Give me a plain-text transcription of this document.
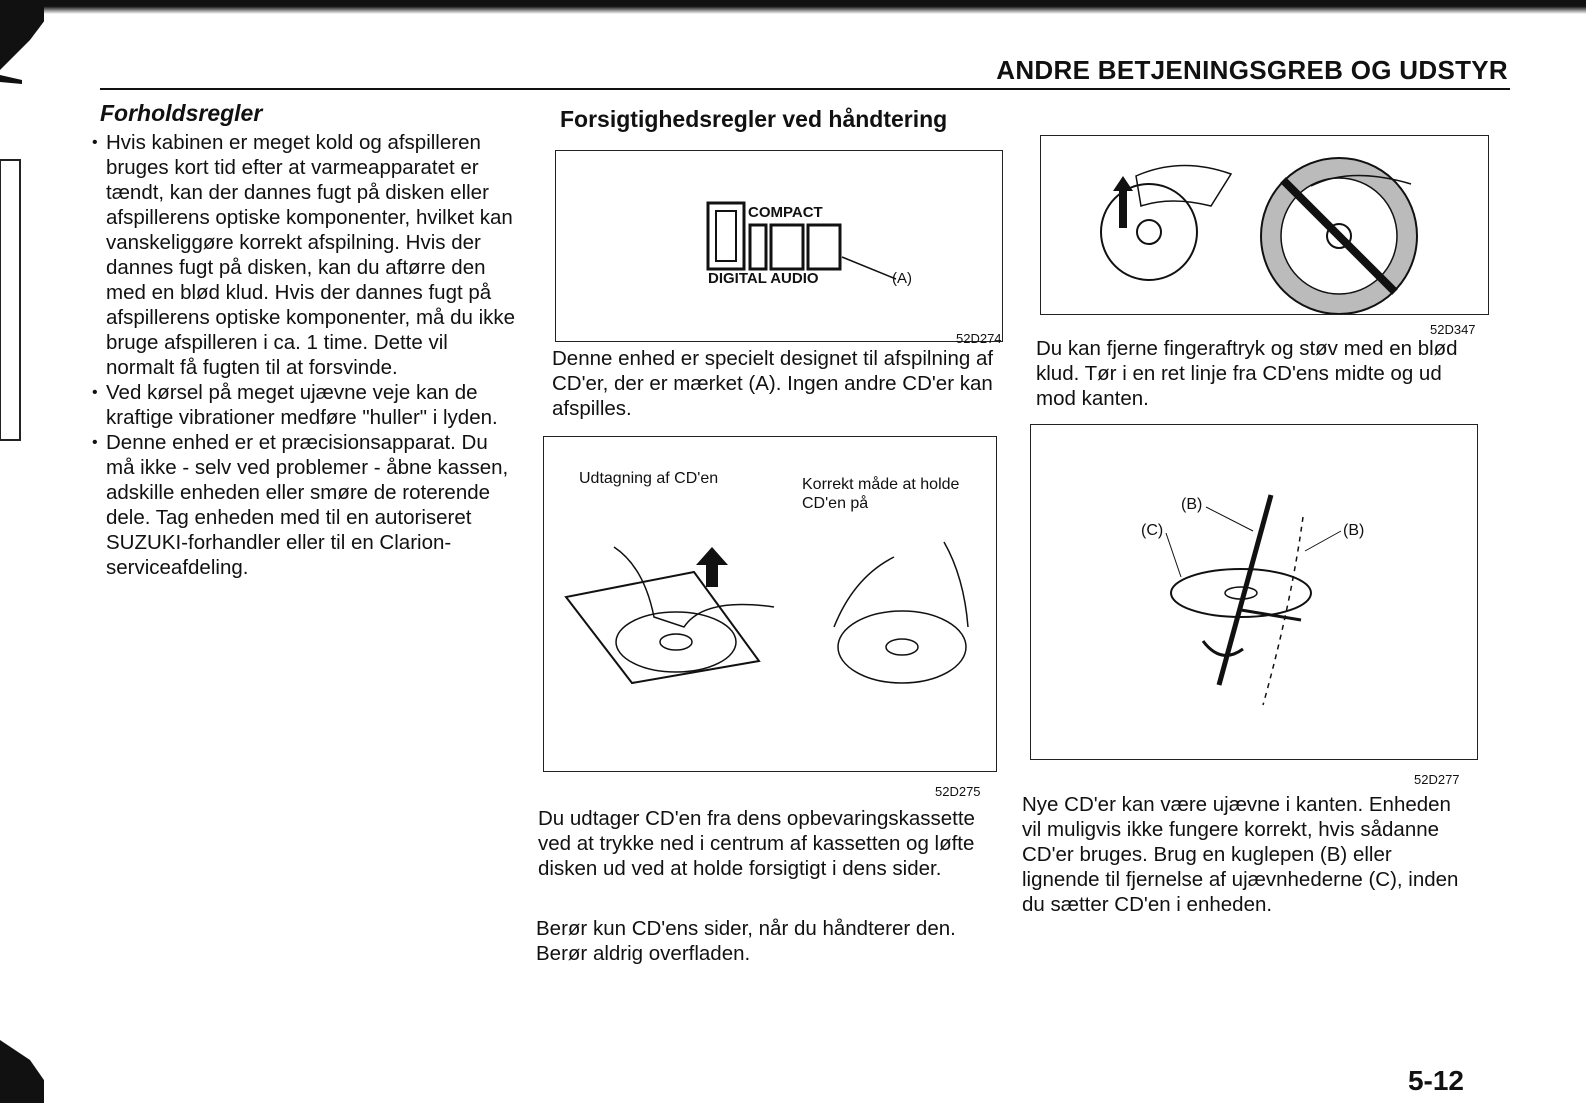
ANDRE BETJENINGSGREB OG UDSTYR
Forholdsregler
• Hvis kabinen er meget kold og afspilleren bruges kort tid efter at varmeapparatet er tændt, kan der dannes fugt på disken eller afspillerens optiske komponenter, hvilket kan vanskeliggøre korrekt afspilning. Hvis der dannes fugt på disken, kan du aftørre den med en blød klud. Hvis der dannes fugt på afspillerens optiske komponenter, må du ikke bruge afspilleren i ca. 1 time. Dette vil normalt få fugten til at forsvinde.
• Ved kørsel på meget ujævne veje kan de kraftige vibrationer medføre "huller" i lyden.
• Denne enhed er et præcisionsapparat. Du må ikke - selv ved problemer - åbne kassen, adskille enheden eller smøre de roterende dele. Tag enheden med til en autoriseret SUZUKI-forhandler eller til en Clarion-serviceafdeling.
Forsigtighedsregler ved håndtering
COMPACT
DIGITAL AUDIO	(A)
52D274
Denne enhed er specielt designet til afspilning af CD'er, der er mærket (A). Ingen andre CD'er kan afspilles.
Udtagning af CD'en	Korrekt måde at holde CD'en på
52D275
Du udtager CD'en fra dens opbevaringskassette ved at trykke ned i centrum af kassetten og løfte disken ud ved at holde forsigtigt i dens sider.
Berør kun CD'ens sider, når du håndterer den. Berør aldrig overfladen.
52D347
Du kan fjerne fingeraftryk og støv med en blød klud. Tør i en ret linje fra CD'ens midte og ud mod kanten.
(B)
(C)	(B)
52D277
Nye CD'er kan være ujævne i kanten. Enheden vil muligvis ikke fungere korrekt, hvis sådanne CD'er bruges. Brug en kuglepen (B) eller lignende til fjernelse af ujævnhederne (C), inden du sætter CD'en i enheden.
5-12
